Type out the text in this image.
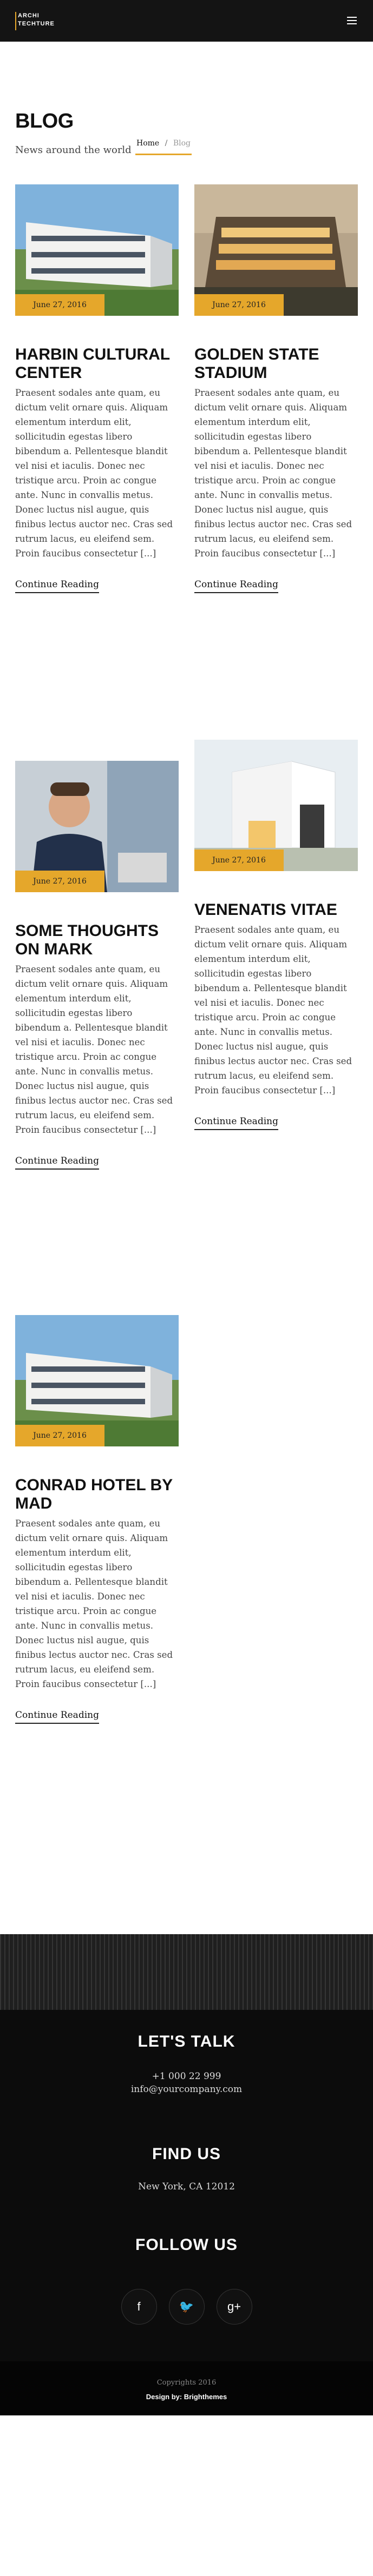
ARCHI
TECHTURE
BLOG
News around the world
Home / Blog
June 27, 2016
HARBIN CULTURAL CENTER

Praesent sodales ante quam, eu dictum velit ornare quis. Aliquam elementum interdum elit, sollicitudin egestas libero bibendum a. Pellentesque blandit vel nisi et iaculis. Donec nec tristique arcu. Proin ac congue ante. Nunc in convallis metus. Donec luctus nisl augue, quis finibus lectus auctor nec. Cras sed rutrum lacus, eu eleifend sem. Proin faucibus consectetur [...]

Continue Reading
June 27, 2016
GOLDEN STATE STADIUM

Praesent sodales ante quam, eu dictum velit ornare quis. Aliquam elementum interdum elit, sollicitudin egestas libero bibendum a. Pellentesque blandit vel nisi et iaculis. Donec nec tristique arcu. Proin ac congue ante. Nunc in convallis metus. Donec luctus nisl augue, quis finibus lectus auctor nec. Cras sed rutrum lacus, eu eleifend sem. Proin faucibus consectetur [...]

Continue Reading
June 27, 2016
SOME THOUGHTS ON MARK

Praesent sodales ante quam, eu dictum velit ornare quis. Aliquam elementum interdum elit, sollicitudin egestas libero bibendum a. Pellentesque blandit vel nisi et iaculis. Donec nec tristique arcu. Proin ac congue ante. Nunc in convallis metus. Donec luctus nisl augue, quis finibus lectus auctor nec. Cras sed rutrum lacus, eu eleifend sem. Proin faucibus consectetur [...]

Continue Reading
June 27, 2016
VENENATIS VITAE

Praesent sodales ante quam, eu dictum velit ornare quis. Aliquam elementum interdum elit, sollicitudin egestas libero bibendum a. Pellentesque blandit vel nisi et iaculis. Donec nec tristique arcu. Proin ac congue ante. Nunc in convallis metus. Donec luctus nisl augue, quis finibus lectus auctor nec. Cras sed rutrum lacus, eu eleifend sem. Proin faucibus consectetur [...]

Continue Reading
June 27, 2016
CONRAD HOTEL BY MAD

Praesent sodales ante quam, eu dictum velit ornare quis. Aliquam elementum interdum elit, sollicitudin egestas libero bibendum a. Pellentesque blandit vel nisi et iaculis. Donec nec tristique arcu. Proin ac congue ante. Nunc in convallis metus. Donec luctus nisl augue, quis finibus lectus auctor nec. Cras sed rutrum lacus, eu eleifend sem. Proin faucibus consectetur [...]

Continue Reading
LET'S TALK
+1 000 22 999
info@yourcompany.com
FIND US
New York, CA 12012
FOLLOW US
f	🐦	g+
Copyrights 2016
Design by: Brighthemes
